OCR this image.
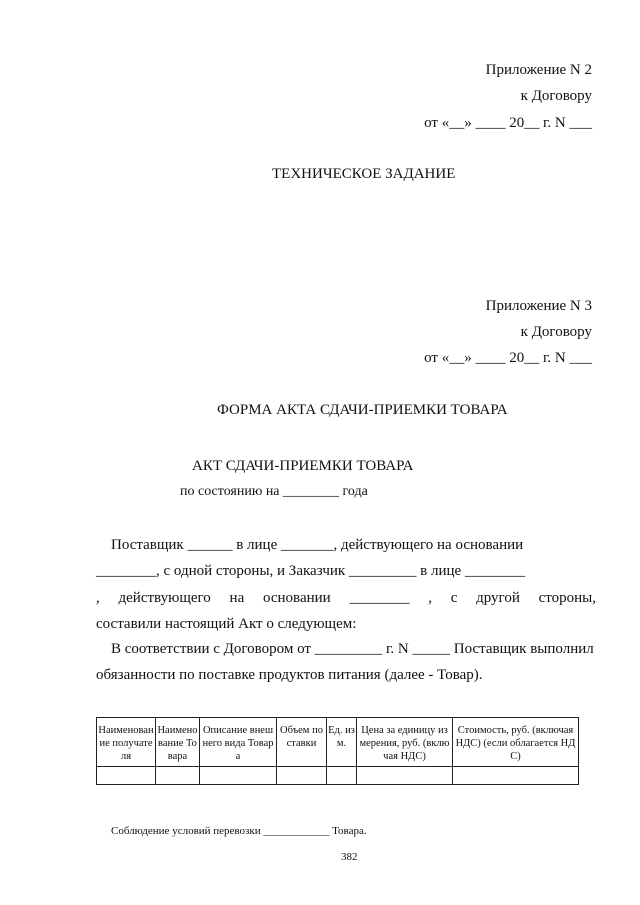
Приложение N 2
к Договору
от «__» ____ 20__ г. N ___
ТЕХНИЧЕСКОЕ ЗАДАНИЕ
Приложение N 3
к Договору
от «__» ____ 20__ г. N ___
ФОРМА АКТА СДАЧИ-ПРИЕМКИ ТОВАРА
АКТ СДАЧИ-ПРИЕМКИ ТОВАРА
по состоянию на ________ года
Поставщик ______ в лице _______, действующего на основании
________, с одной стороны, и Заказчик _________ в лице ________
, действующего на основании ________ , с другой стороны,
составили настоящий Акт о следующем:
В соответствии с Договором от _________ г. N _____ Поставщик выполнил
обязанности по поставке продуктов питания (далее - Товар).
Наименование получателя	Наименование Товара	Описание внешнего вида Товара	Объем поставки	Ед. изм.	Цена за единицу измерения, руб. (включая НДС)	Стоимость, руб. (включая НДС) (если облагается НДС)

Соблюдение условий перевозки ____________ Товара.
382
